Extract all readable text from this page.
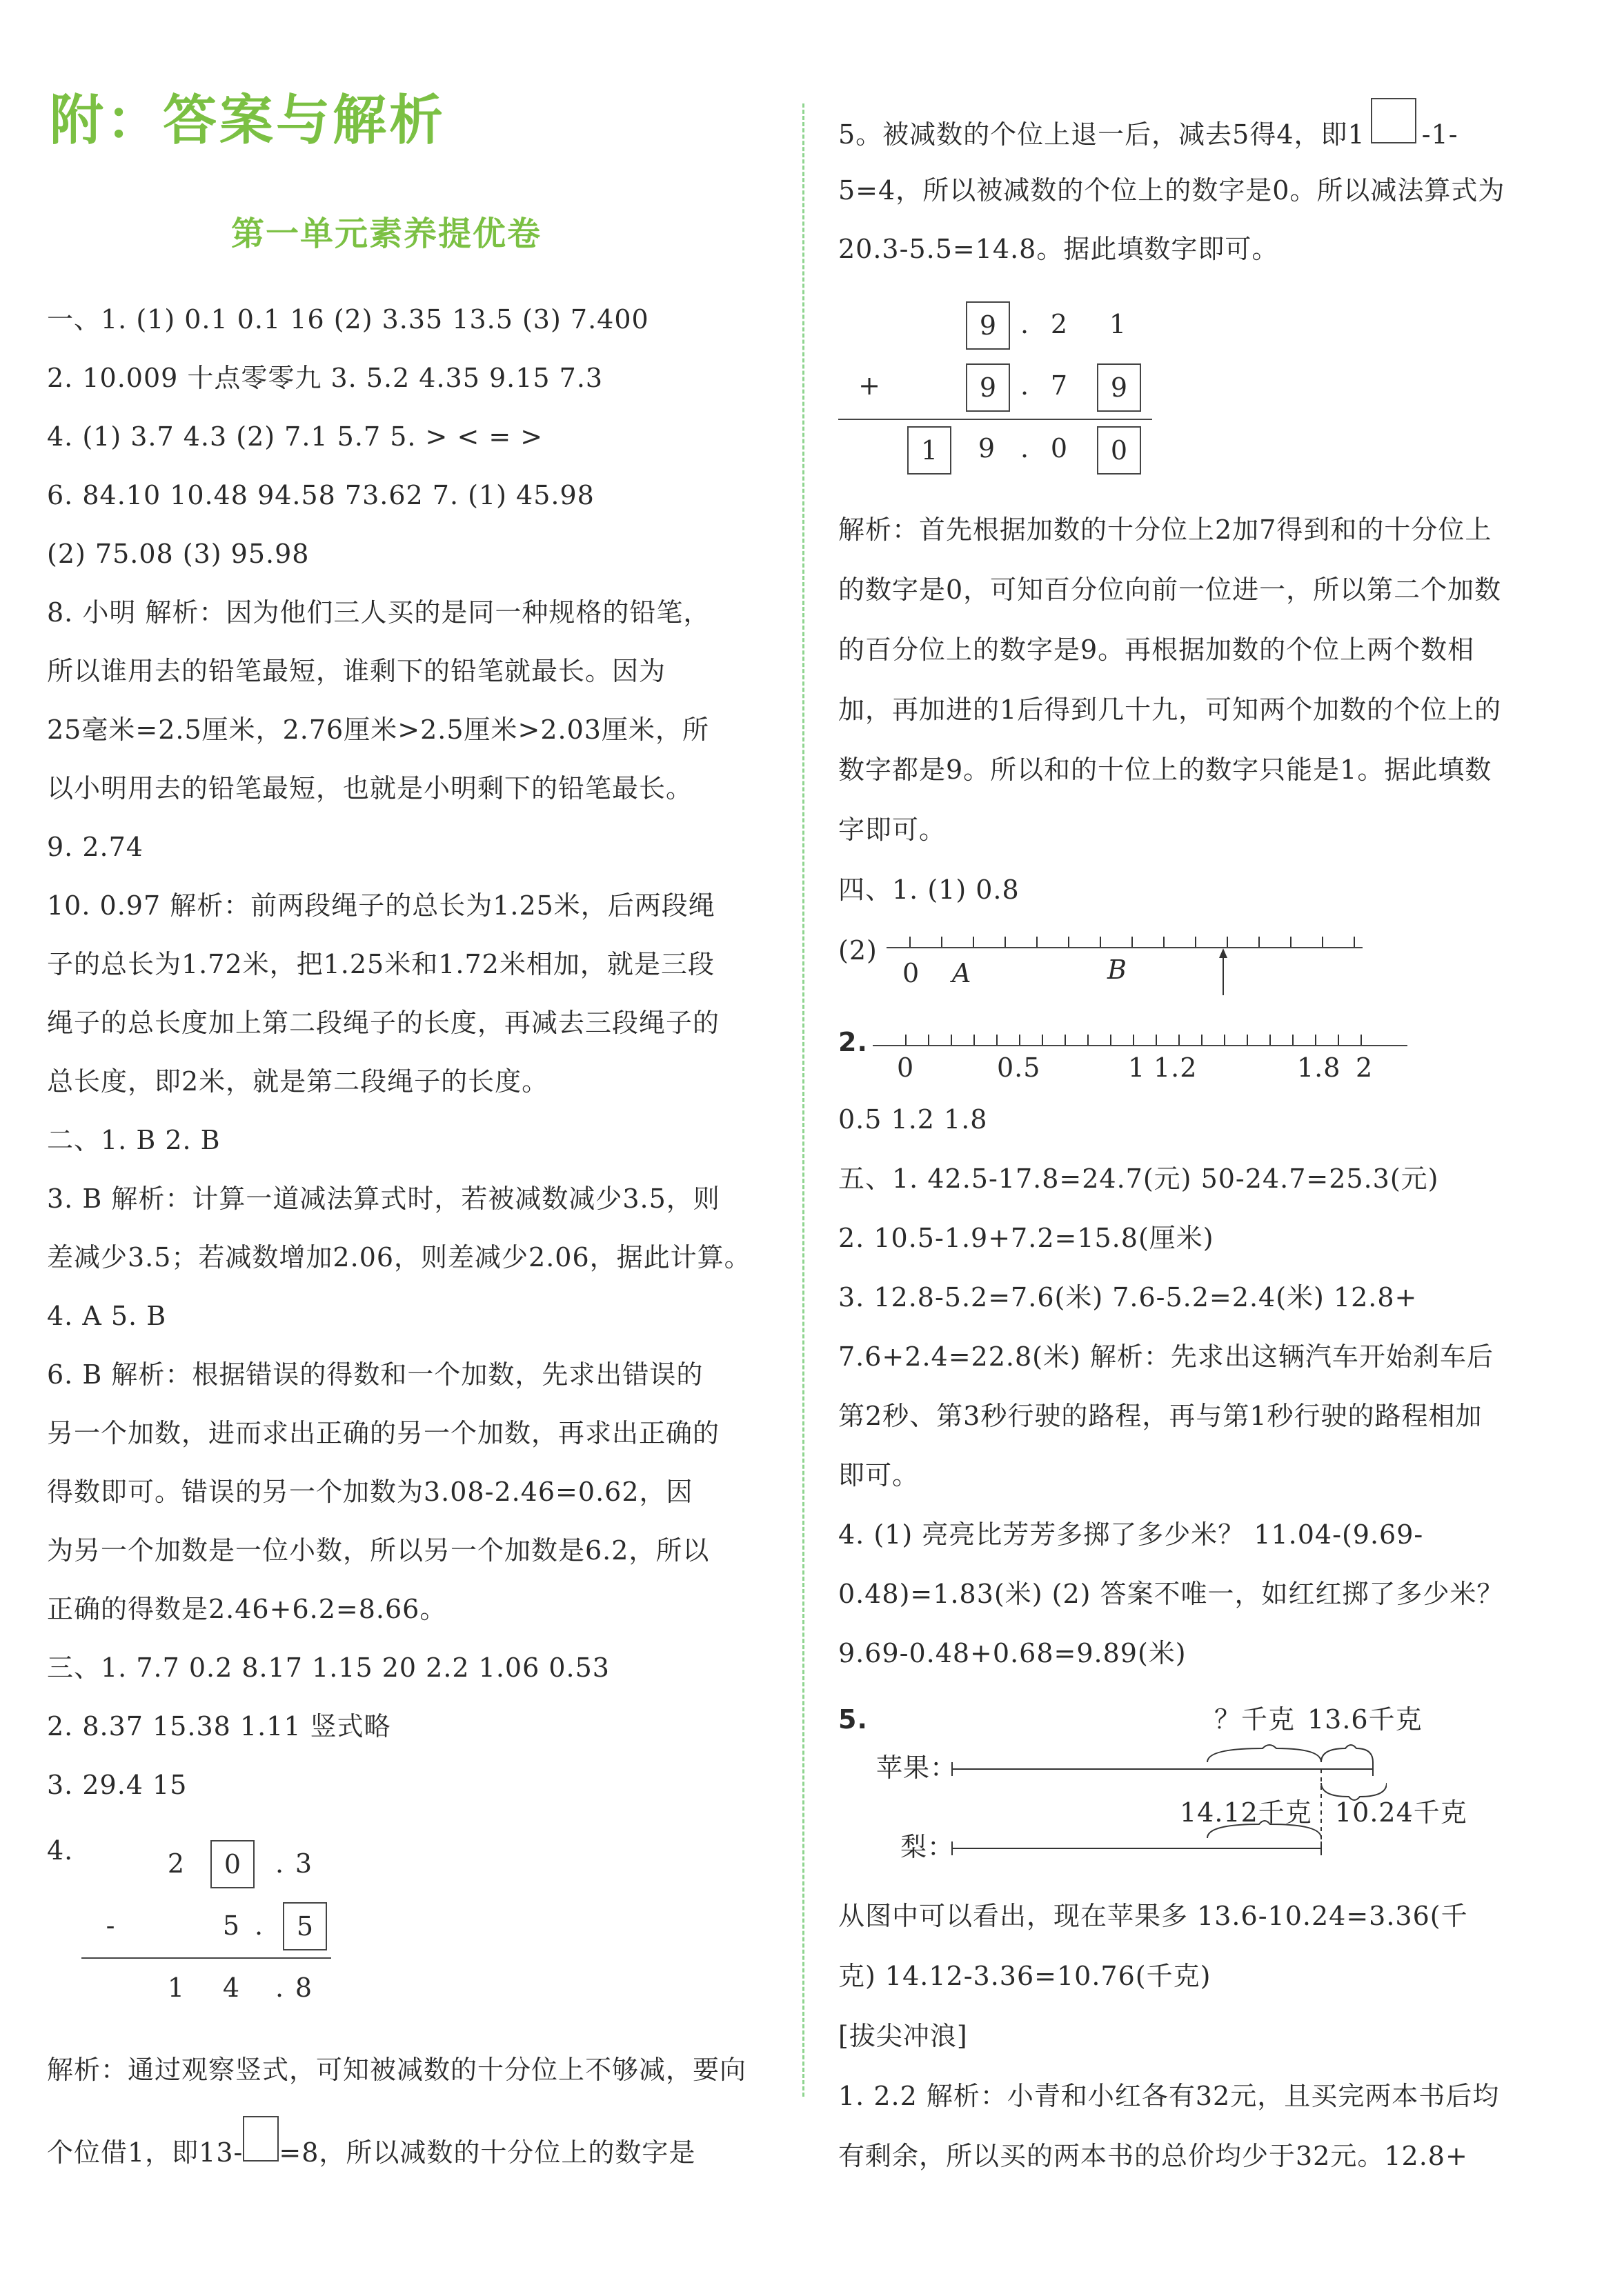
附：答案与解析
第一单元素养提优卷
一、1. (1) 0.1 0.1 16 (2) 3.35 13.5 (3) 7.400
2. 10.009 十点零零九 3. 5.2 4.35 9.15 7.3
4. (1) 3.7 4.3 (2) 7.1 5.7 5. > < = >
6. 84.10 10.48 94.58 73.62 7. (1) 45.98
(2) 75.08 (3) 95.98
8. 小明 解析：因为他们三人买的是同一种规格的铅笔，
所以谁用去的铅笔最短，谁剩下的铅笔就最长。因为
25毫米=2.5厘米，2.76厘米>2.5厘米>2.03厘米，所
以小明用去的铅笔最短，也就是小明剩下的铅笔最长。
9. 2.74
10. 0.97 解析：前两段绳子的总长为1.25米，后两段绳
子的总长为1.72米，把1.25米和1.72米相加，就是三段
绳子的总长度加上第二段绳子的长度，再减去三段绳子的
总长度，即2米，就是第二段绳子的长度。
二、1. B 2. B
3. B 解析：计算一道减法算式时，若被减数减少3.5，则
差减少3.5；若减数增加2.06，则差减少2.06，据此计算。
4. A 5. B
6. B 解析：根据错误的得数和一个加数，先求出错误的
另一个加数，进而求出正确的另一个加数，再求出正确的
得数即可。错误的另一个加数为3.08-2.46=0.62，因
为另一个加数是一位小数，所以另一个加数是6.2，所以
正确的得数是2.46+6.2=8.66。
三、1. 7.7 0.2 8.17 1.15 20 2.2 1.06 0.53
2. 8.37 15.38 1.11 竖式略
3. 29.4 15
4.	2	0	. 3
-	5 .	5
1	4	. 8
解析：通过观察竖式，可知被减数的十分位上不够减，要向
个位借1，即13- =8，所以减数的十分位上的数字是
5。被减数的个位上退一后，减去5得4，即1 -1-
5=4，所以被减数的个位上的数字是0。所以减法算式为
20.3-5.5=14.8。据此填数字即可。
9 . 2	1
+	9 . 7	9
1	9 . 0	0
解析：首先根据加数的十分位上2加7得到和的十分位上
的数字是0，可知百分位向前一位进一，所以第二个加数
的百分位上的数字是9。再根据加数的个位上两个数相
加，再加进的1后得到几十九，可知两个加数的个位上的
数字都是9。所以和的十位上的数字只能是1。据此填数
字即可。
四、1. (1) 0.8
(2)
0 A	B
2.
0	0.5	1 1.2	1.8 2
0.5 1.2 1.8
五、1. 42.5-17.8=24.7(元) 50-24.7=25.3(元)
2. 10.5-1.9+7.2=15.8(厘米)
3. 12.8-5.2=7.6(米) 7.6-5.2=2.4(米) 12.8+
7.6+2.4=22.8(米) 解析：先求出这辆汽车开始刹车后
第2秒、第3秒行驶的路程，再与第1秒行驶的路程相加
即可。
4. (1) 亮亮比芳芳多掷了多少米？ 11.04-(9.69-
0.48)=1.83(米) (2) 答案不唯一，如红红掷了多少米？
9.69-0.48+0.68=9.89(米)
5.	？千克 13.6千克
苹果：
14.12千克 10.24千克
梨：
从图中可以看出，现在苹果多 13.6-10.24=3.36(千
克) 14.12-3.36=10.76(千克)
[拔尖冲浪]
1. 2.2 解析：小青和小红各有32元，且买完两本书后均
有剩余，所以买的两本书的总价均少于32元。12.8+
